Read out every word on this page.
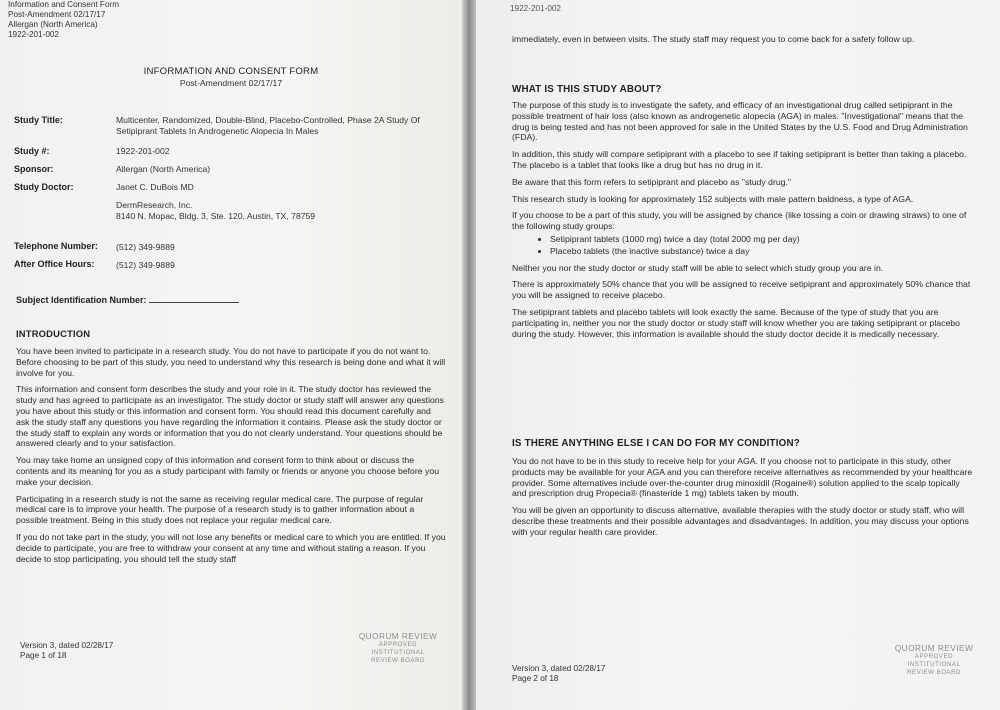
Information and Consent Form
Post-Amendment 02/17/17
Allergan (North America)
1922-201-002
INFORMATION AND CONSENT FORM
Post-Amendment 02/17/17
Study Title:	Multicenter, Randomized, Double-Blind, Placebo-Controlled, Phase 2A Study Of Setipiprant Tablets In Androgenetic Alopecia In Males
Study #:	1922-201-002
Sponsor:	Allergan (North America)
Study Doctor:	Janet C. DuBois MD
DermResearch, Inc.
8140 N. Mopac, Bldg. 3, Ste. 120, Austin, TX, 78759
Telephone Number: (512) 349-9889
After Office Hours: (512) 349-9889
Subject Identification Number:
INTRODUCTION

You have been invited to participate in a research study. You do not have to participate if you do not want to. Before choosing to be part of this study, you need to understand why this research is being done and what it will involve for you.

This information and consent form describes the study and your role in it. The study doctor has reviewed the study and has agreed to participate as an investigator. The study doctor or study staff will answer any questions you have about this study or this information and consent form. You should read this document carefully and ask the study staff any questions you have regarding the information it contains. Please ask the study doctor or the study staff to explain any words or information that you do not clearly understand. Your questions should be answered clearly and to your satisfaction.

You may take home an unsigned copy of this information and consent form to think about or discuss the contents and its meaning for you as a study participant with family or friends or anyone you choose before you make your decision.

Participating in a research study is not the same as receiving regular medical care. The purpose of regular medical care is to improve your health. The purpose of a research study is to gather information about a possible treatment. Being in this study does not replace your regular medical care.

If you do not take part in the study, you will not lose any benefits or medical care to which you are entitled. If you decide to participate, you are free to withdraw your consent at any time and without stating a reason. If you decide to stop participating, you should tell the study staff

Version 3, dated 02/28/17
Page 1 of 18
QUORUM REVIEW
APPROVED
INSTITUTIONAL
REVIEW BOARD
1922-201-002
immediately, even in between visits. The study staff may request you to come back for a safety follow up.
WHAT IS THIS STUDY ABOUT?

The purpose of this study is to investigate the safety, and efficacy of an investigational drug called setipiprant in the possible treatment of hair loss (also known as androgenetic alopecia (AGA) in males. "Investigational" means that the drug is being tested and has not been approved for sale in the United States by the U.S. Food and Drug Administration (FDA).

In addition, this study will compare setipiprant with a placebo to see if taking setipiprant is better than taking a placebo. The placebo is a tablet that looks like a drug but has no drug in it.

Be aware that this form refers to setipiprant and placebo as "study drug."

This research study is looking for approximately 152 subjects with male pattern baldness, a type of AGA.

If you choose to be a part of this study, you will be assigned by chance (like tossing a coin or drawing straws) to one of the following study groups:

• Setipiprant tablets (1000 mg) twice a day (total 2000 mg per day)
• Placebo tablets (the inactive substance) twice a day

Neither you nor the study doctor or study staff will be able to select which study group you are in.

There is approximately 50% chance that you will be assigned to receive setipiprant and approximately 50% chance that you will be assigned to receive placebo.

The setipiprant tablets and placebo tablets will look exactly the same. Because of the type of study that you are participating in, neither you nor the study doctor or study staff will know whether you are taking setipiprant or placebo during the study. However, this information is available should the study doctor decide it is medically necessary.

IS THERE ANYTHING ELSE I CAN DO FOR MY CONDITION?

You do not have to be in this study to receive help for your AGA. If you choose not to participate in this study, other products may be available for your AGA and you can therefore receive alternatives as recommended by your healthcare provider. Some alternatives include over-the-counter drug minoxidil (Rogaine®) solution applied to the scalp topically and prescription drug Propecia® (finasteride 1 mg) tablets taken by mouth.

You will be given an opportunity to discuss alternative, available therapies with the study doctor or study staff, who will describe these treatments and their possible advantages and disadvantages. In addition, you may discuss your options with your regular health care provider.

Version 3, dated 02/28/17
Page 2 of 18
QUORUM REVIEW
APPROVED
INSTITUTIONAL
REVIEW BOARD
